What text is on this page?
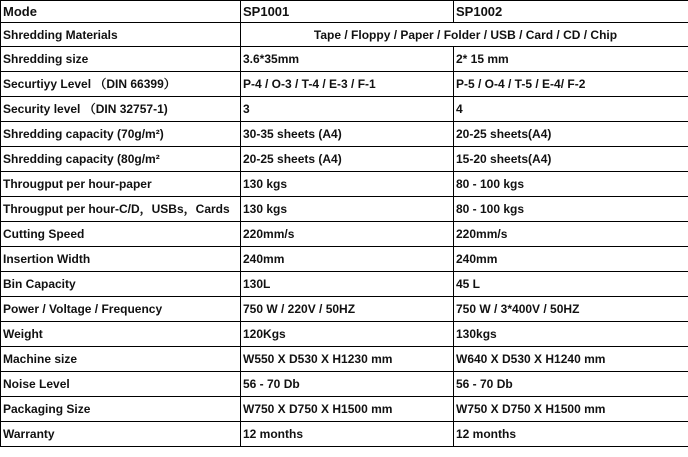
Mode	SP1001	SP1002
Shredding Materials	Tape / Floppy / Paper / Folder / USB / Card / CD / Chip	
Shredding size	3.6*35mm	2* 15 mm
Securtiyy Level （DIN 66399）	P-4 / O-3 / T-4 / E-3 / F-1	P-5 / O-4 / T-5 / E-4/ F-2
Security level （DIN 32757-1)	3	4
Shredding capacity (70g/m²)	30-35 sheets (A4)	20-25 sheets(A4)
Shredding capacity (80g/m²	20-25 sheets (A4)	15-20 sheets(A4)
Througput per hour-paper	130 kgs	80 - 100 kgs
Througput per hour-C/D，USBs，Cards	130 kgs	80 - 100 kgs
Cutting Speed	220mm/s	220mm/s
Insertion Width	240mm	240mm
Bin Capacity	130L	45 L
Power / Voltage / Frequency	750 W / 220V / 50HZ	750 W / 3*400V / 50HZ
Weight	120Kgs	130kgs
Machine size	W550 X D530 X H1230 mm	W640 X D530 X H1240 mm
Noise Level	56 - 70 Db	56 - 70 Db
Packaging Size	W750 X D750 X H1500 mm	W750 X D750 X H1500 mm
Warranty	12 months	12 months
